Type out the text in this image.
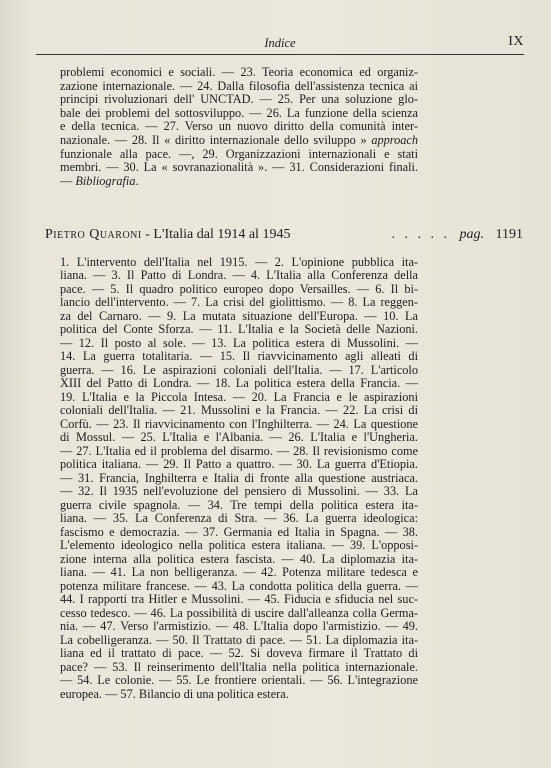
Indice	IX
problemi economici e sociali. — 23. Teoria economica ed organiz-
zazione internazionale. — 24. Dalla filosofia dell'assistenza tecnica ai
principi rivoluzionari dell' UNCTAD. — 25. Per una soluzione glo-
bale dei problemi del sottosviluppo. — 26. La funzione della scienza
e della tecnica. — 27. Verso un nuovo diritto della comunità inter-
nazionale. — 28. Il « diritto internazionale dello sviluppo » approach
funzionale alla pace. —, 29. Organizzazioni internazionali e stati
membri. — 30. La « sovranazionalità ». — 31. Considerazioni finali.
— Bibliografia.
Pietro Quaroni - L'Italia dal 1914 al 1945	. . . . . pag. 1191
1. L'intervento dell'Italia nel 1915. — 2. L'opinione pubblica ita-
liana. — 3. Il Patto di Londra. — 4. L'Italia alla Conferenza della
pace. — 5. Il quadro politico europeo dopo Versailles. — 6. Il bi-
lancio dell'intervento. — 7. La crisi del giolittismo. — 8. La reggen-
za del Carnaro. — 9. La mutata situazione dell'Europa. — 10. La
politica del Conte Sforza. — 11. L'Italia e la Società delle Nazioni.
— 12. Il posto al sole. — 13. La politica estera di Mussolini. —
14. La guerra totalitaria. — 15. Il riavvicinamento agli alleati di
guerra. — 16. Le aspirazioni coloniali dell'Italia. — 17. L'articolo
XIII del Patto di Londra. — 18. La politica estera della Francia. —
19. L'Italia e la Piccola Intesa. — 20. La Francia e le aspirazioni
coloniali dell'Italia. — 21. Mussolini e la Francia. — 22. La crisi di
Corfù. — 23. Il riavvicinamento con l'Inghilterra. — 24. La questione
di Mossul. — 25. L'Italia e l'Albania. — 26. L'Italia e l'Ungheria.
— 27. L'Italia ed il problema del disarmo. — 28. Il revisionismo come
politica italiana. — 29. Il Patto a quattro. — 30. La guerra d'Etiopia.
— 31. Francia, Inghilterra e Italia di fronte alla questione austriaca.
— 32. Il 1935 nell'evoluzione del pensiero di Mussolini. — 33. La
guerra civile spagnola. — 34. Tre tempi della politica estera ita-
liana. — 35. La Conferenza di Stra. — 36. La guerra ideologica:
fascismo e democrazia. — 37. Germania ed Italia in Spagna. — 38.
L'elemento ideologico nella politica estera italiana. — 39. L'opposi-
zione interna alla politica estera fascista. — 40. La diplomazia ita-
liana. — 41. La non belligeranza. — 42. Potenza militare tedesca e
potenza militare francese. — 43. La condotta politica della guerra. —
44. I rapporti tra Hitler e Mussolini. — 45. Fiducia e sfiducia nel suc-
cesso tedesco. — 46. La possibilità di uscire dall'alleanza colla Germa-
nia. — 47. Verso l'armistizio. — 48. L'Italia dopo l'armistizio. — 49.
La cobelligeranza. — 50. Il Trattato di pace. — 51. La diplomazia ita-
liana ed il trattato di pace. — 52. Si doveva firmare il Trattato di
pace? — 53. Il reinserimento dell'Italia nella politica internazionale.
— 54. Le colonie. — 55. Le frontiere orientali. — 56. L'integrazione
europea. — 57. Bilancio di una politica estera.
